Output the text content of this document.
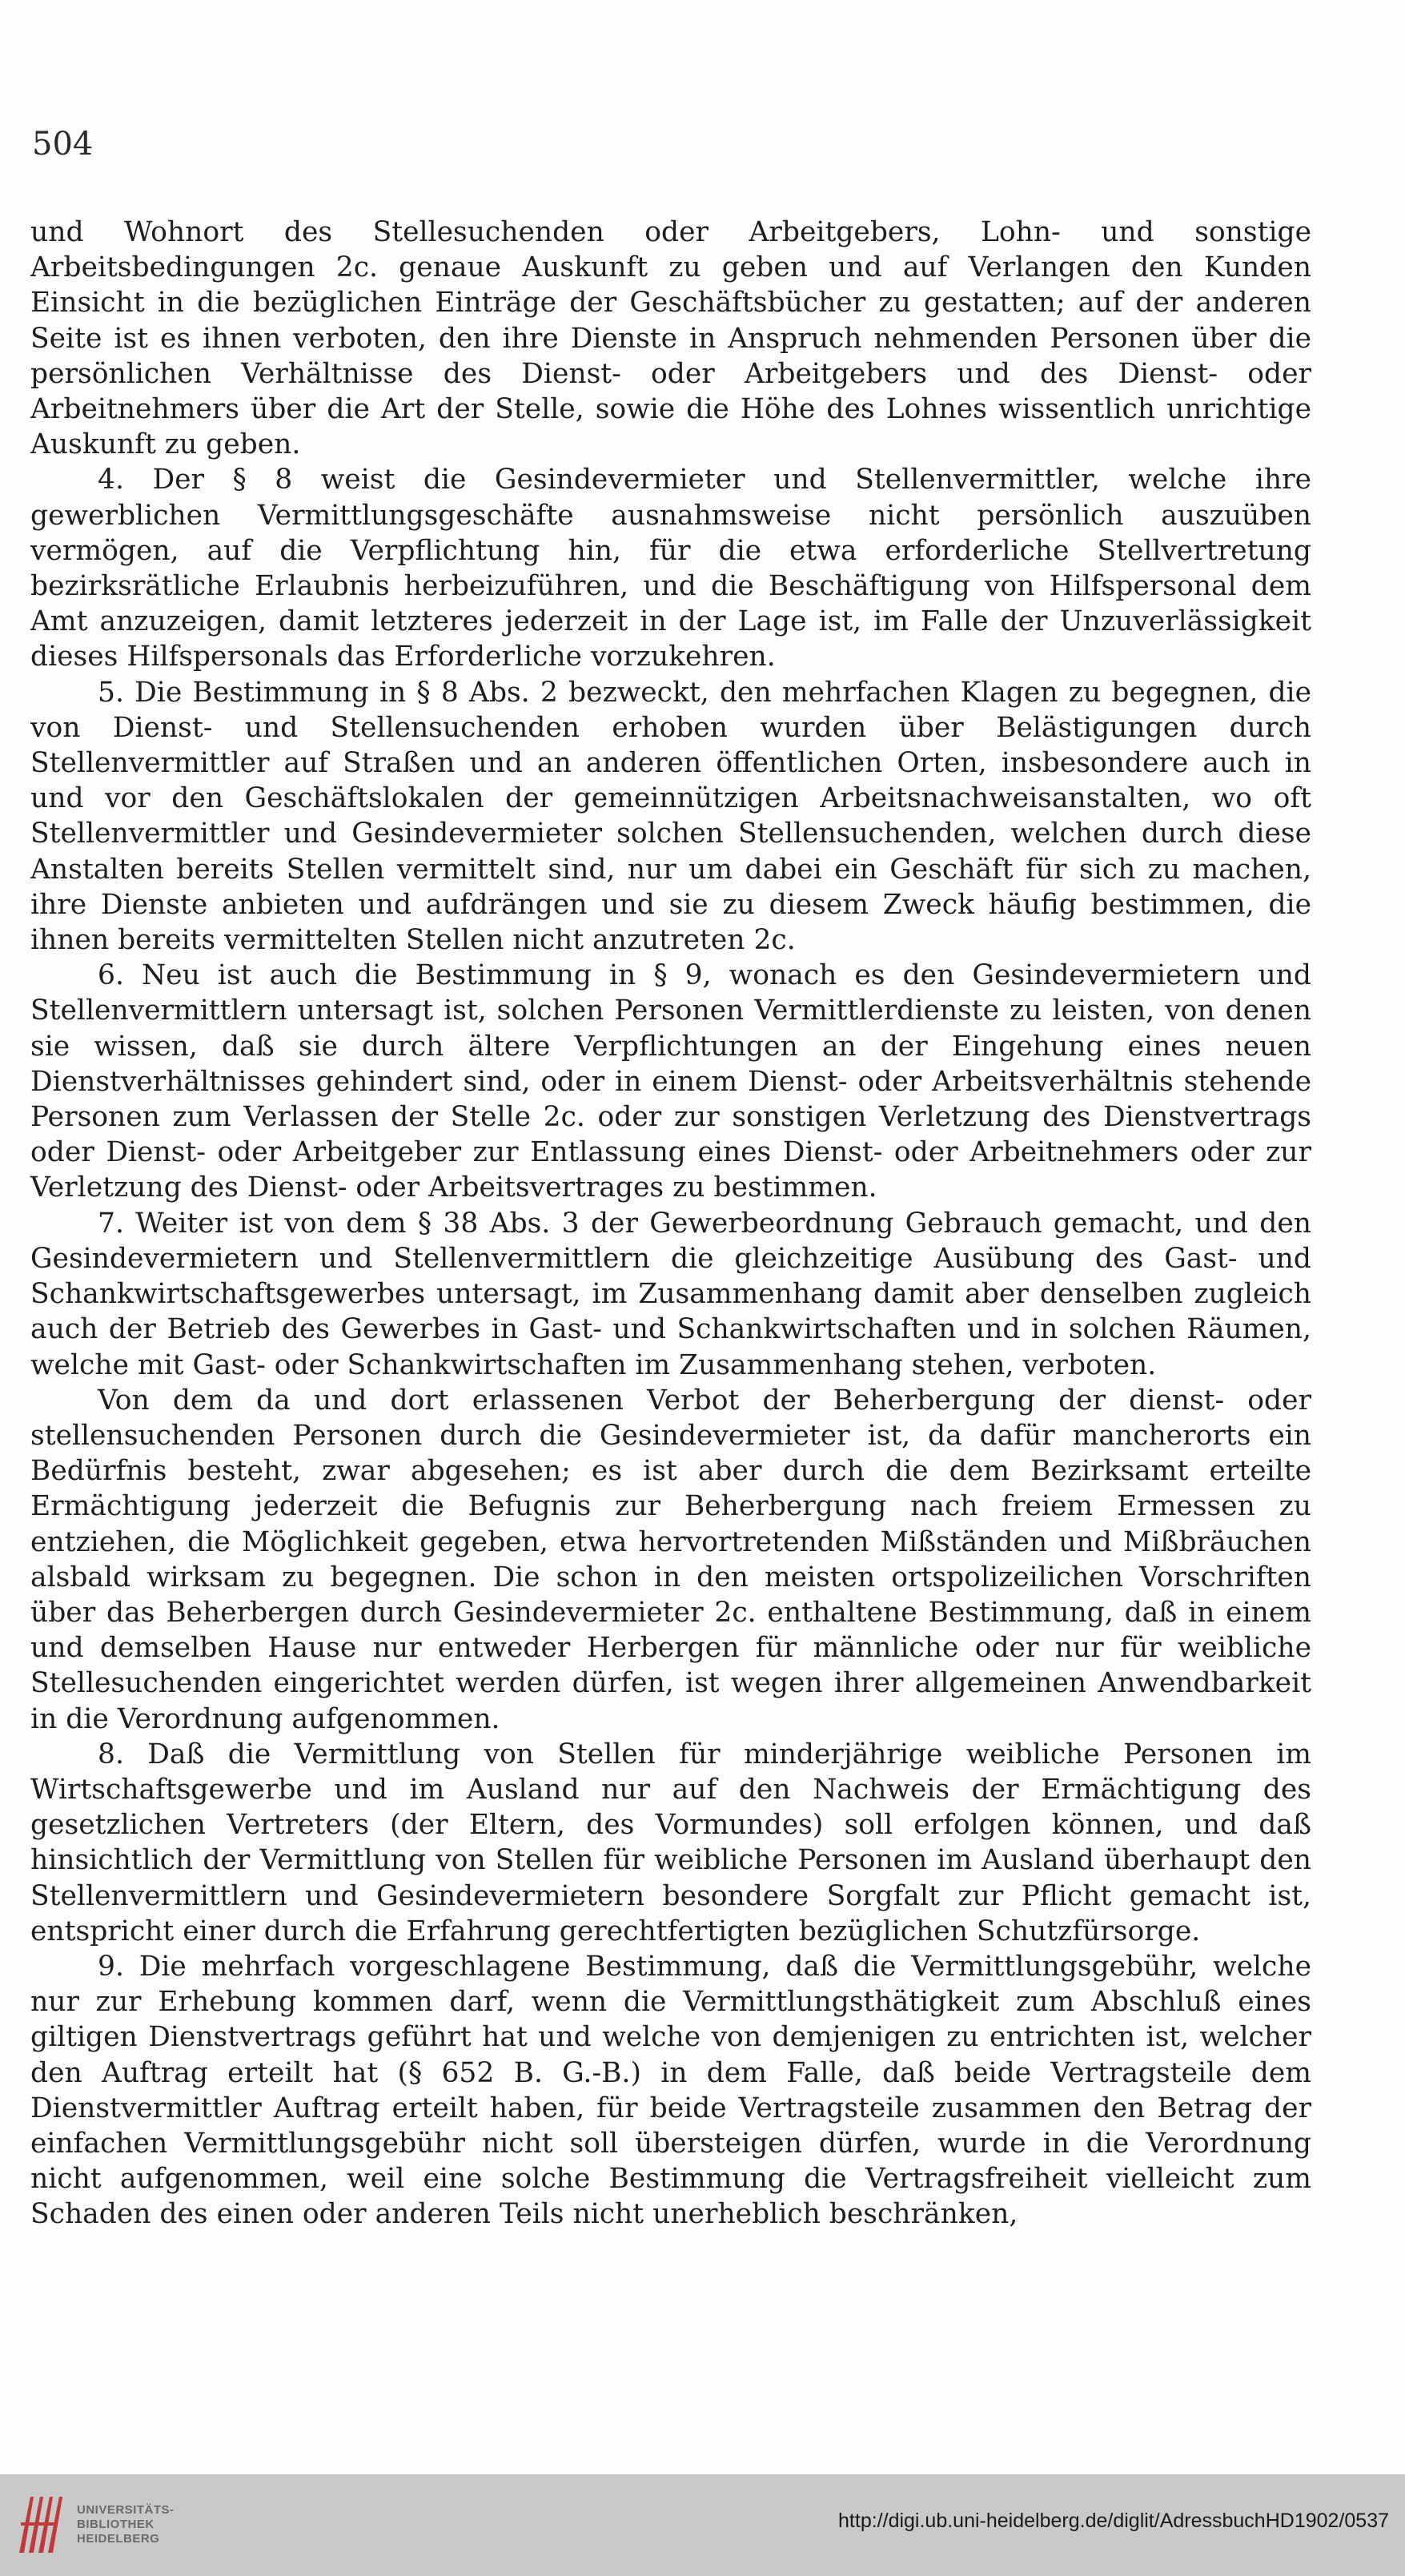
504

und Wohnort des Stellesuchenden oder Arbeitgebers, Lohn- und sonstige Arbeitsbedingungen 2c. genaue Auskunft zu geben und auf Verlangen den Kunden Einsicht in die bezüglichen Einträge der Geschäftsbücher zu gestatten; auf der anderen Seite ist es ihnen verboten, den ihre Dienste in Anspruch nehmenden Personen über die persönlichen Verhältnisse des Dienst- oder Arbeitgebers und des Dienst- oder Arbeitnehmers über die Art der Stelle, sowie die Höhe des Lohnes wissentlich unrichtige Auskunft zu geben.

4. Der § 8 weist die Gesindevermieter und Stellenvermittler, welche ihre gewerblichen Vermittlungsgeschäfte ausnahmsweise nicht persönlich auszuüben vermögen, auf die Verpflichtung hin, für die etwa erforderliche Stellvertretung bezirksrätliche Erlaubnis herbeizuführen, und die Beschäftigung von Hilfspersonal dem Amt anzuzeigen, damit letzteres jederzeit in der Lage ist, im Falle der Unzuverlässigkeit dieses Hilfspersonals das Erforderliche vorzukehren.

5. Die Bestimmung in § 8 Abs. 2 bezweckt, den mehrfachen Klagen zu begegnen, die von Dienst- und Stellensuchenden erhoben wurden über Belästigungen durch Stellenvermittler auf Straßen und an anderen öffentlichen Orten, insbesondere auch in und vor den Geschäftslokalen der gemeinnützigen Arbeitsnachweisanstalten, wo oft Stellenvermittler und Gesindevermieter solchen Stellensuchenden, welchen durch diese Anstalten bereits Stellen vermittelt sind, nur um dabei ein Geschäft für sich zu machen, ihre Dienste anbieten und aufdrängen und sie zu diesem Zweck häufig bestimmen, die ihnen bereits vermittelten Stellen nicht anzutreten 2c.

6. Neu ist auch die Bestimmung in § 9, wonach es den Gesindevermietern und Stellenvermittlern untersagt ist, solchen Personen Vermittlerdienste zu leisten, von denen sie wissen, daß sie durch ältere Verpflichtungen an der Eingehung eines neuen Dienstverhältnisses gehindert sind, oder in einem Dienst- oder Arbeitsverhältnis stehende Personen zum Verlassen der Stelle 2c. oder zur sonstigen Verletzung des Dienstvertrags oder Dienst- oder Arbeitgeber zur Entlassung eines Dienst- oder Arbeitnehmers oder zur Verletzung des Dienst- oder Arbeitsvertrages zu bestimmen.

7. Weiter ist von dem § 38 Abs. 3 der Gewerbeordnung Gebrauch gemacht, und den Gesindevermietern und Stellenvermittlern die gleichzeitige Ausübung des Gast- und Schankwirtschaftsgewerbes untersagt, im Zusammenhang damit aber denselben zugleich auch der Betrieb des Gewerbes in Gast- und Schankwirtschaften und in solchen Räumen, welche mit Gast- oder Schankwirtschaften im Zusammenhang stehen, verboten.

Von dem da und dort erlassenen Verbot der Beherbergung der dienst- oder stellensuchenden Personen durch die Gesindevermieter ist, da dafür mancherorts ein Bedürfnis besteht, zwar abgesehen; es ist aber durch die dem Bezirksamt erteilte Ermächtigung jederzeit die Befugnis zur Beherbergung nach freiem Ermessen zu entziehen, die Möglichkeit gegeben, etwa hervortretenden Mißständen und Mißbräuchen alsbald wirksam zu begegnen. Die schon in den meisten ortspolizeilichen Vorschriften über das Beherbergen durch Gesindevermieter 2c. enthaltene Bestimmung, daß in einem und demselben Hause nur entweder Herbergen für männliche oder nur für weibliche Stellesuchenden eingerichtet werden dürfen, ist wegen ihrer allgemeinen Anwendbarkeit in die Verordnung aufgenommen.

8. Daß die Vermittlung von Stellen für minderjährige weibliche Personen im Wirtschaftsgewerbe und im Ausland nur auf den Nachweis der Ermächtigung des gesetzlichen Vertreters (der Eltern, des Vormundes) soll erfolgen können, und daß hinsichtlich der Vermittlung von Stellen für weibliche Personen im Ausland überhaupt den Stellenvermittlern und Gesindevermietern besondere Sorgfalt zur Pflicht gemacht ist, entspricht einer durch die Erfahrung gerechtfertigten bezüglichen Schutzfürsorge.

9. Die mehrfach vorgeschlagene Bestimmung, daß die Vermittlungsgebühr, welche nur zur Erhebung kommen darf, wenn die Vermittlungsthätigkeit zum Abschluß eines giltigen Dienstvertrags geführt hat und welche von demjenigen zu entrichten ist, welcher den Auftrag erteilt hat (§ 652 B. G.-B.) in dem Falle, daß beide Vertragsteile dem Dienstvermittler Auftrag erteilt haben, für beide Vertragsteile zusammen den Betrag der einfachen Vermittlungsgebühr nicht soll übersteigen dürfen, wurde in die Verordnung nicht aufgenommen, weil eine solche Bestimmung die Vertragsfreiheit vielleicht zum Schaden des einen oder anderen Teils nicht unerheblich beschränken,

UNIVERSITÄTS-
BIBLIOTHEK
HEIDELBERG
http://digi.ub.uni-heidelberg.de/diglit/AdressbuchHD1902/0537
